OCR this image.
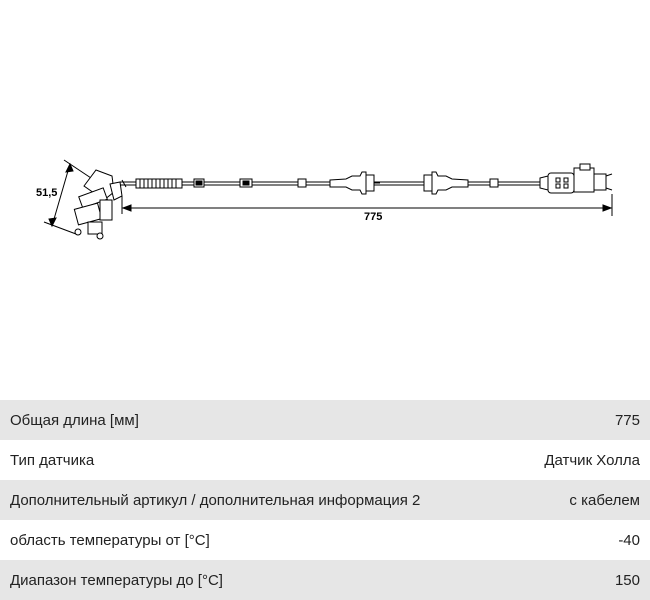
51,5
775
Общая длина [мм]	775
Тип датчика	Датчик Холла
Дополнительный артикул / дополнительная информация 2	с кабелем
область температуры от [°C]	-40
Диапазон температуры до [°C]	150
